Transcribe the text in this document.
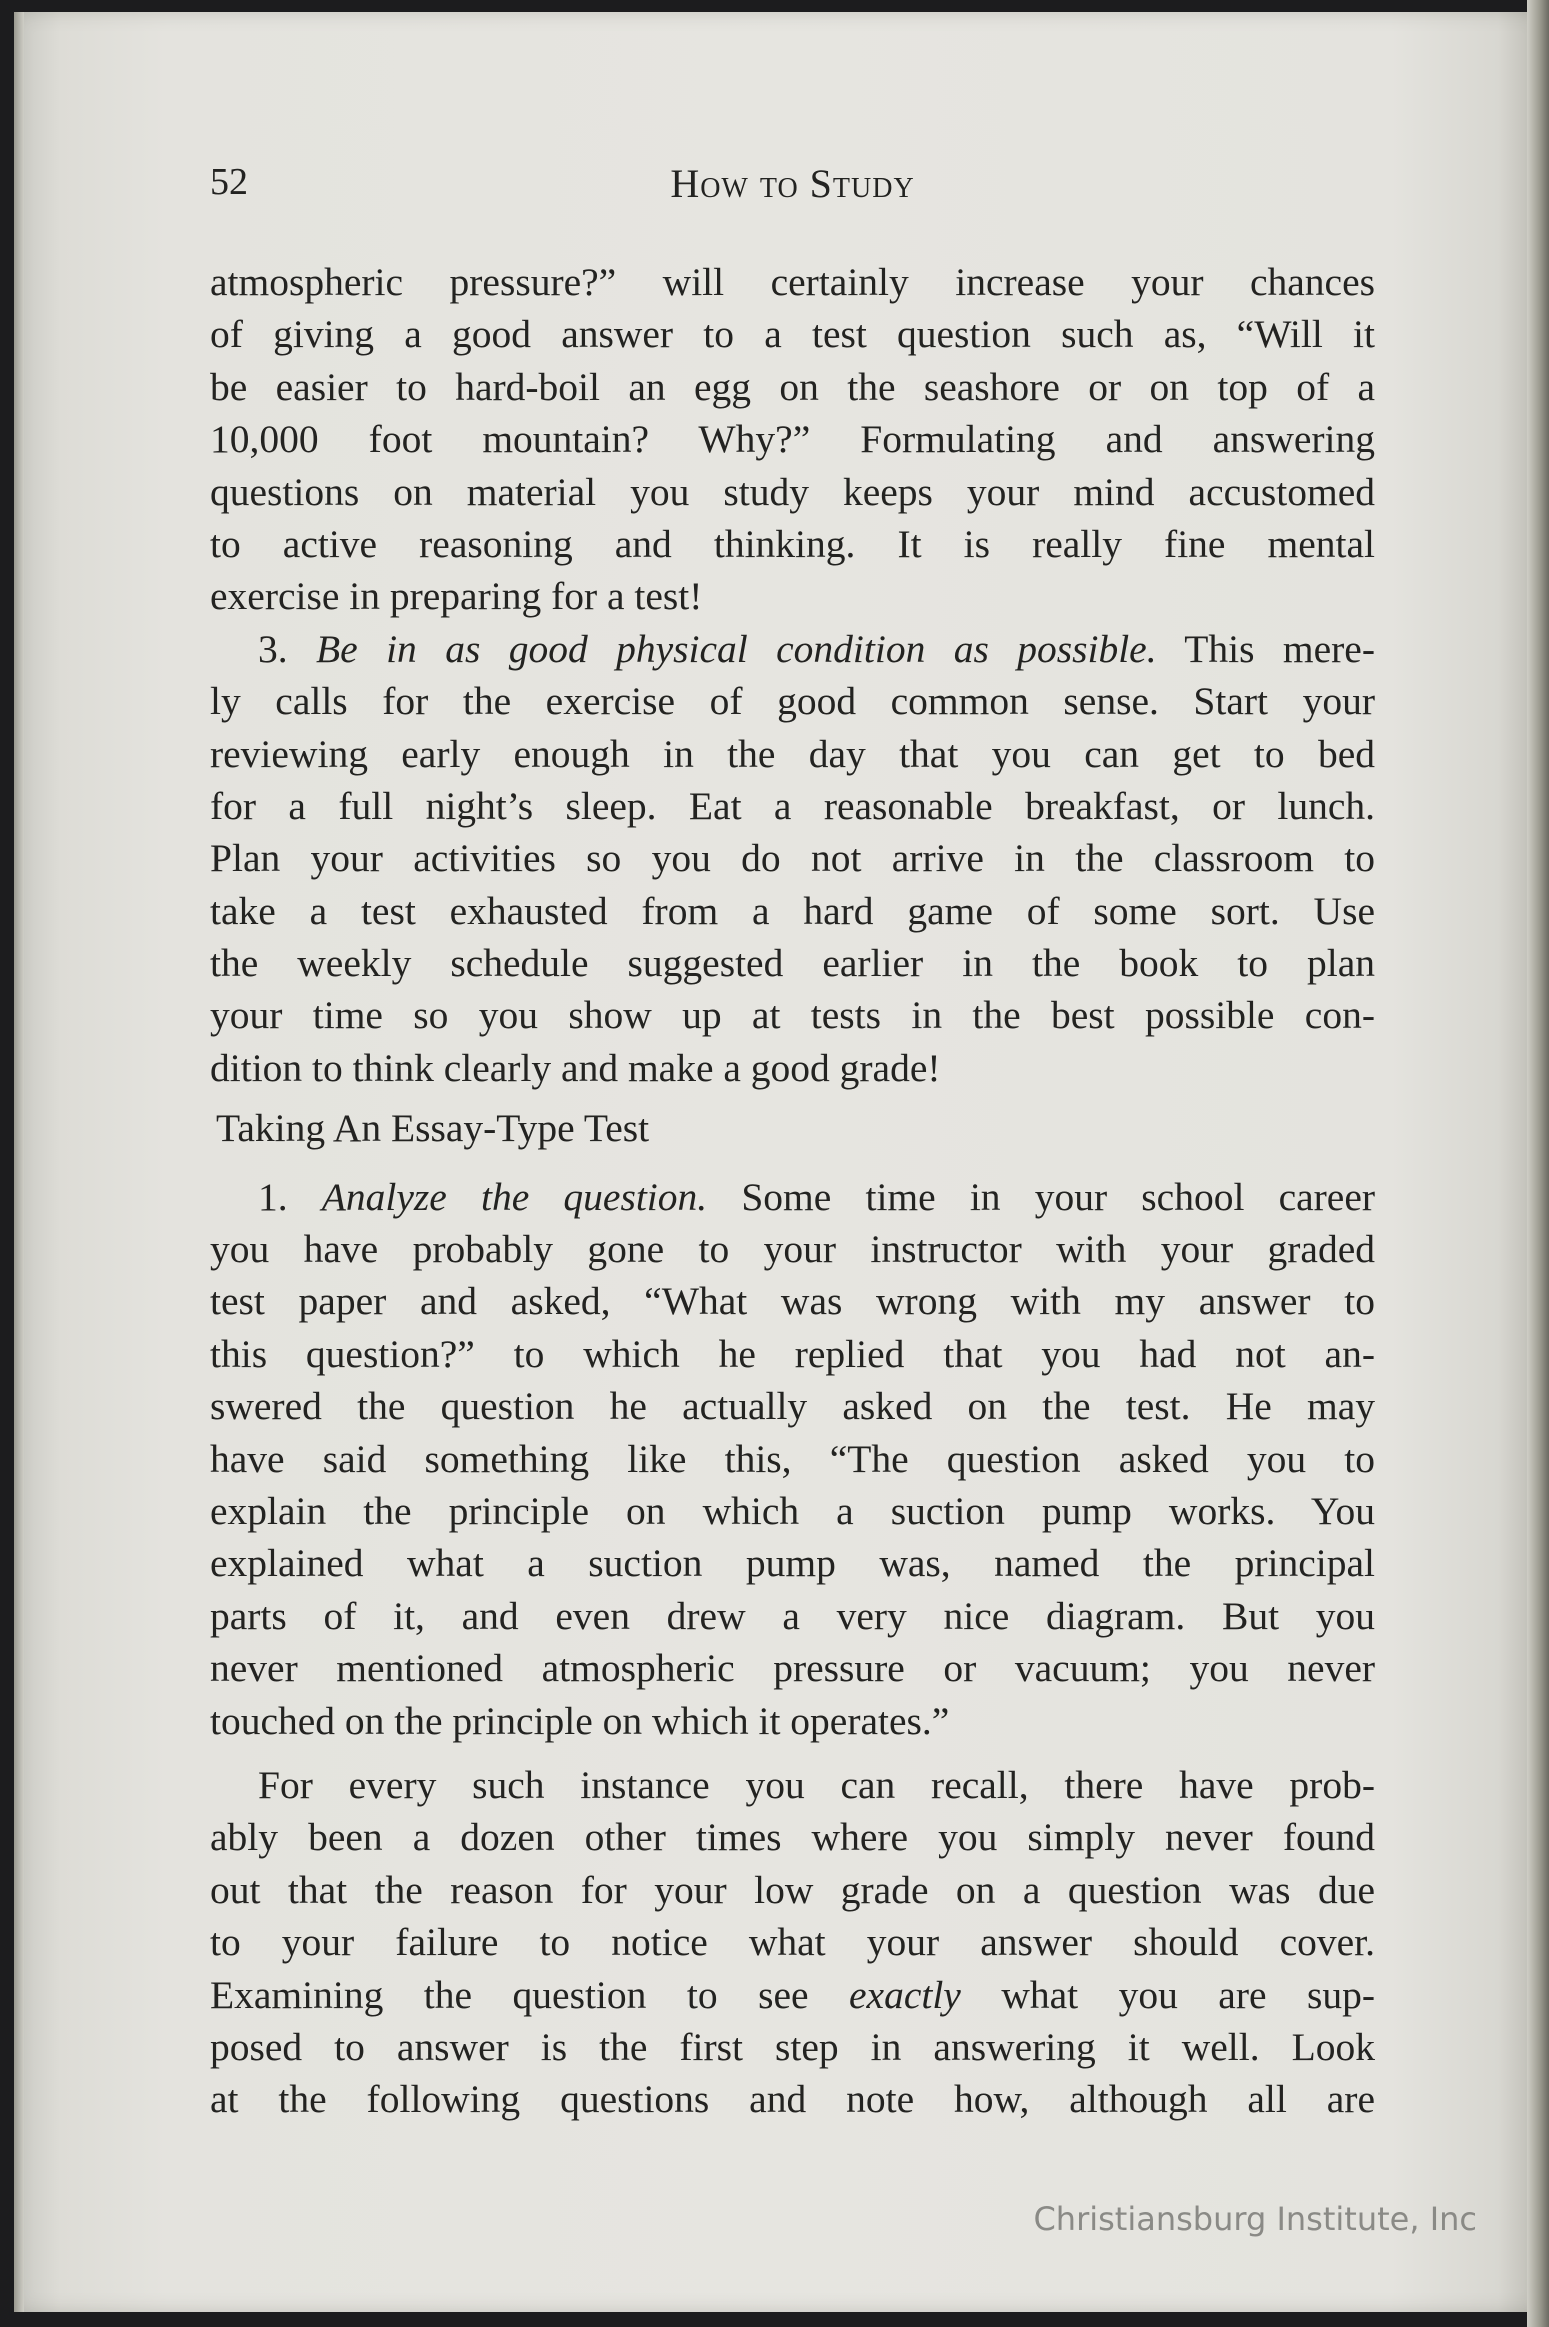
52	How to Study
atmospheric pressure?” will certainly increase your chances
of giving a good answer to a test question such as, “Will it
be easier to hard-boil an egg on the seashore or on top of a
10,000 foot mountain? Why?” Formulating and answering
questions on material you study keeps your mind accustomed
to active reasoning and thinking. It is really fine mental
exercise in preparing for a test!
3. Be in as good physical condition as possible. This mere-
ly calls for the exercise of good common sense. Start your
reviewing early enough in the day that you can get to bed
for a full night’s sleep. Eat a reasonable breakfast, or lunch.
Plan your activities so you do not arrive in the classroom to
take a test exhausted from a hard game of some sort. Use
the weekly schedule suggested earlier in the book to plan
your time so you show up at tests in the best possible con-
dition to think clearly and make a good grade!
Taking An Essay-Type Test
1. Analyze the question. Some time in your school career
you have probably gone to your instructor with your graded
test paper and asked, “What was wrong with my answer to
this question?” to which he replied that you had not an-
swered the question he actually asked on the test. He may
have said something like this, “The question asked you to
explain the principle on which a suction pump works. You
explained what a suction pump was, named the principal
parts of it, and even drew a very nice diagram. But you
never mentioned atmospheric pressure or vacuum; you never
touched on the principle on which it operates.”
For every such instance you can recall, there have prob-
ably been a dozen other times where you simply never found
out that the reason for your low grade on a question was due
to your failure to notice what your answer should cover.
Examining the question to see exactly what you are sup-
posed to answer is the first step in answering it well. Look
at the following questions and note how, although all are
Christiansburg Institute, Inc
